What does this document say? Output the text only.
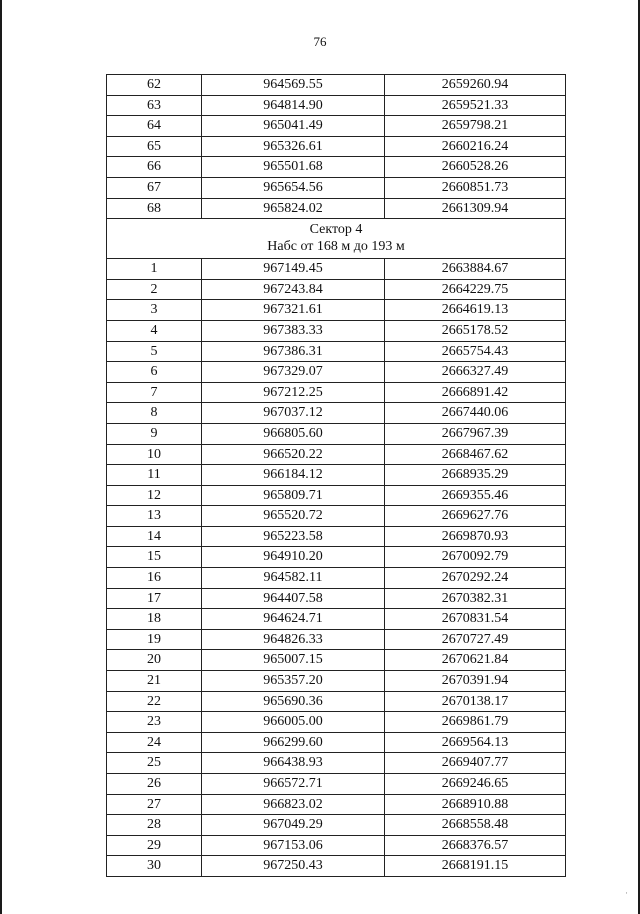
76
62	964569.55	2659260.94
63	964814.90	2659521.33
64	965041.49	2659798.21
65	965326.61	2660216.24
66	965501.68	2660528.26
67	965654.56	2660851.73
68	965824.02	2661309.94

Сектор 4
Набс от 168 м до 193 м		

1	967149.45	2663884.67
2	967243.84	2664229.75
3	967321.61	2664619.13
4	967383.33	2665178.52
5	967386.31	2665754.43
6	967329.07	2666327.49
7	967212.25	2666891.42
8	967037.12	2667440.06
9	966805.60	2667967.39
10	966520.22	2668467.62
11	966184.12	2668935.29
12	965809.71	2669355.46
13	965520.72	2669627.76
14	965223.58	2669870.93
15	964910.20	2670092.79
16	964582.11	2670292.24
17	964407.58	2670382.31
18	964624.71	2670831.54
19	964826.33	2670727.49
20	965007.15	2670621.84
21	965357.20	2670391.94
22	965690.36	2670138.17
23	966005.00	2669861.79
24	966299.60	2669564.13
25	966438.93	2669407.77
26	966572.71	2669246.65
27	966823.02	2668910.88
28	967049.29	2668558.48
29	967153.06	2668376.57
30	967250.43	2668191.15
·
